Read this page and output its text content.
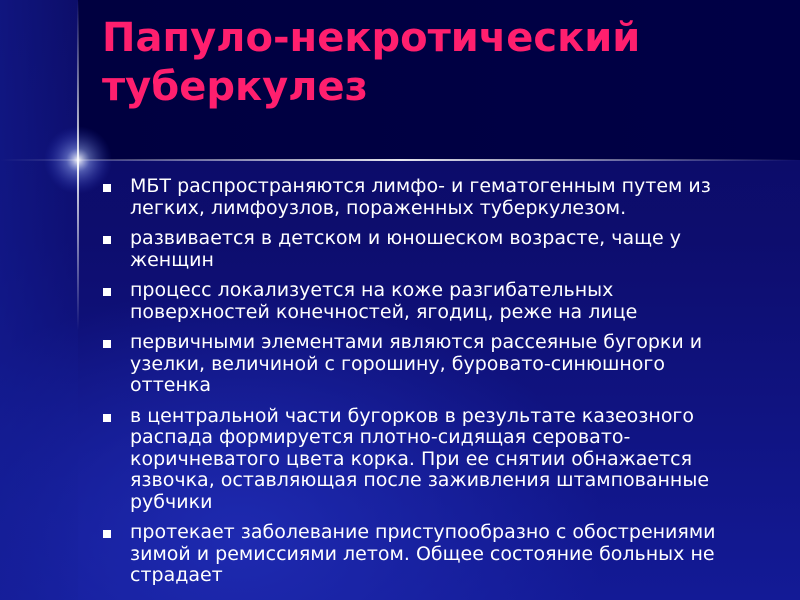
Папуло-некротический туберкулез
МБТ распространяются лимфо- и гематогенным путем из легких, лимфоузлов, пораженных туберкулезом.
развивается в детском и юношеском возрасте, чаще у женщин
процесс локализуется на коже разгибательных поверхностей конечностей, ягодиц, реже на лице
первичными элементами являются рассеяные бугорки и узелки, величиной с горошину, буровато-синюшного оттенка
в центральной части бугорков в результате казеозного распада формируется плотно-сидящая серовато-коричневатого цвета корка. При ее снятии обнажается язвочка, оставляющая после заживления штампованные рубчики
протекает заболевание приступообразно с обострениями зимой и ремиссиями летом. Общее состояние больных не страдает
